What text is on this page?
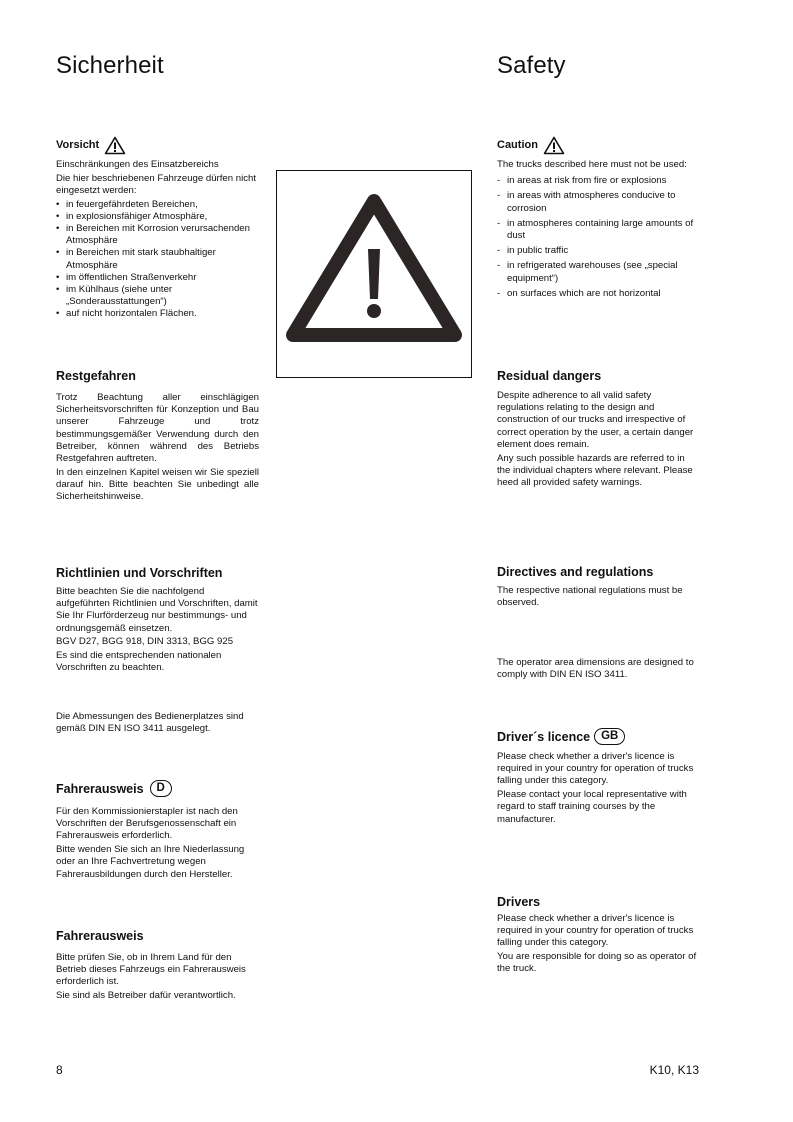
Sicherheit	Safety
Vorsicht

Einschränkungen des Einsatzbereichs

Die hier beschriebenen Fahrzeuge dürfen nicht eingesetzt werden:

• in feuergefährdeten Bereichen,
• in explosionsfähiger Atmosphäre,
• in Bereichen mit Korrosion verursachenden Atmosphäre
• in Bereichen mit stark staubhaltiger Atmosphäre
• im öffentlichen Straßenverkehr
• im Kühlhaus (siehe unter „Sonderausstattungen“)
• auf nicht horizontalen Flächen.
Restgefahren

Trotz Beachtung aller einschlägigen Sicherheitsvorschriften für Konzeption und Bau unserer Fahrzeuge und trotz bestimmungsgemäßer Verwendung durch den Betreiber, können während des Betriebs Restgefahren auftreten.

In den einzelnen Kapitel weisen wir Sie speziell darauf hin. Bitte beachten Sie unbedingt alle Sicherheitshinweise.

Richtlinien und Vorschriften

Bitte beachten Sie die nachfolgend aufgeführten Richtlinien und Vorschriften, damit Sie Ihr Flurförderzeug nur bestimmungs- und ordnungsgemäß einsetzen.

BGV D27, BGG 918, DIN 3313, BGG 925

Es sind die entsprechenden nationalen Vorschriften zu beachten.

Die Abmessungen des Bedienerplatzes sind gemäß DIN EN ISO 3411 ausgelegt.

Fahrerausweis	D

Für den Kommissionierstapler ist nach den Vorschriften der Berufsgenossenschaft ein Fahrerausweis erforderlich.

Bitte wenden Sie sich an Ihre Niederlassung oder an Ihre Fachvertretung wegen Fahrerausbildungen durch den Hersteller.

Fahrerausweis

Bitte prüfen Sie, ob in Ihrem Land für den Betrieb dieses Fahrzeugs ein Fahrerausweis erforderlich ist.

Sie sind als Betreiber dafür verantwortlich.

Caution

The trucks described here must not be used:

- in areas at risk from fire or explosions
- in areas with atmospheres conducive to corrosion
- in atmospheres containing large amounts of dust
- in public traffic
- in refrigerated warehouses (see „special equipment“)
- on surfaces which are not horizontal
Residual dangers

Despite adherence to all valid safety regulations relating to the design and construction of our trucks and irrespective of correct operation by the user, a certain danger element does remain.

Any such possible hazards are referred to in the individual chapters where relevant. Please heed all provided safety warnings.

Directives and regulations

The respective national regulations must be observed.

The operator area dimensions are designed to comply with DIN EN ISO 3411.

Driver´s licence GB

Please check whether a driver's licence is required in your country for operation of trucks falling under this category.

Please contact your local representative with regard to staff training courses by the manufacturer.

Drivers

Please check whether a driver's licence is required in your country for operation of trucks falling under this category.

You are responsible for doing so as operator of the truck.

8	K10, K13
